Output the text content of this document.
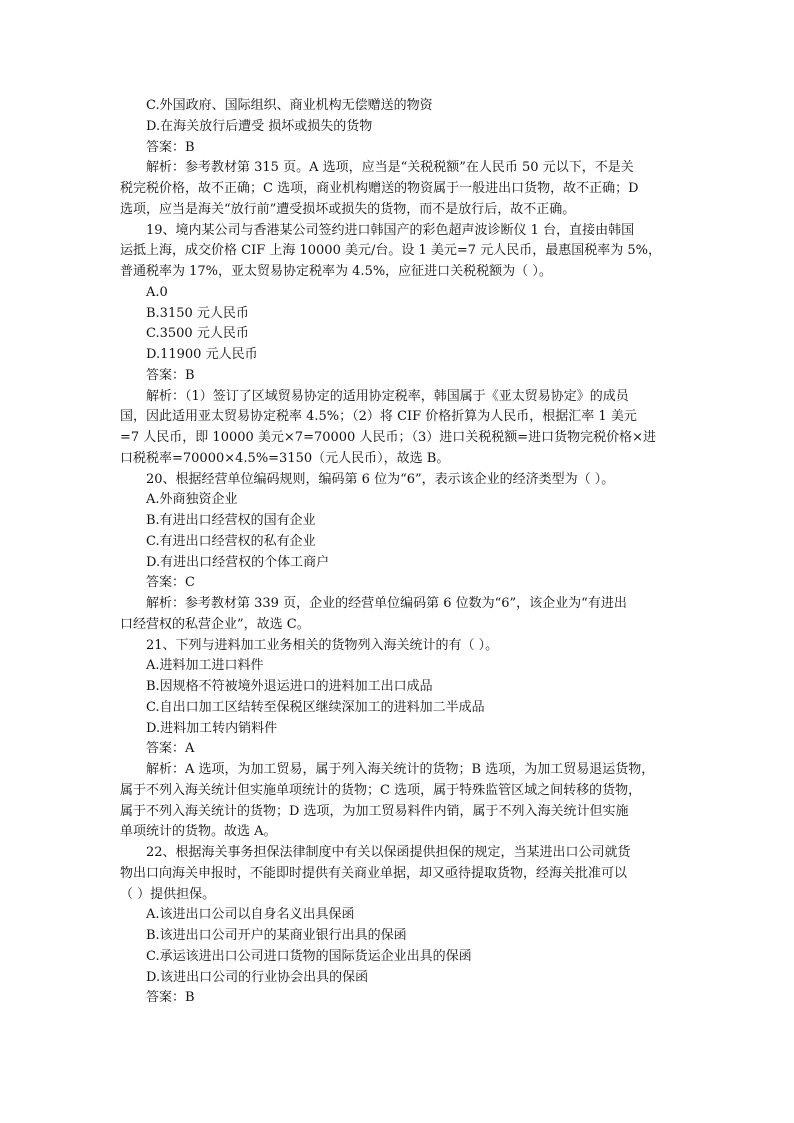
C.外国政府、国际组织、商业机构无偿赠送的物资
D.在海关放行后遭受 损坏或损失的货物
答案：B
解析：参考教材第 315 页。A 选项，应当是“关税税额”在人民币 50 元以下，不是关
税完税价格，故不正确；C 选项，商业机构赠送的物资属于一般进出口货物，故不正确；D
选项，应当是海关“放行前”遭受损坏或损失的货物，而不是放行后，故不正确。
19、境内某公司与香港某公司签约进口韩国产的彩色超声波诊断仪 1 台，直接由韩国
运抵上海，成交价格 CIF 上海 10000 美元/台。设 1 美元=7 元人民币，最惠国税率为 5%，
普通税率为 17%，亚太贸易协定税率为 4.5%，应征进口关税税额为（ ）。
A.0
B.3150 元人民币
C.3500 元人民币
D.11900 元人民币
答案：B
解析：（1）签订了区域贸易协定的适用协定税率，韩国属于《亚太贸易协定》的成员
国，因此适用亚太贸易协定税率 4.5%；（2）将 CIF 价格折算为人民币，根据汇率 1 美元
=7 人民币，即 10000 美元×7=70000 人民币；（3）进口关税税额=进口货物完税价格×进
口税税率=70000×4.5%=3150（元人民币），故选 B。
20、根据经营单位编码规则，编码第 6 位为“6”，表示该企业的经济类型为（ ）。
A.外商独资企业
B.有进出口经营权的国有企业
C.有进出口经营权的私有企业
D.有进出口经营权的个体工商户
答案：C
解析：参考教材第 339 页，企业的经营单位编码第 6 位数为“6”，该企业为“有进出
口经营权的私营企业”，故选 C。
21、下列与进料加工业务相关的货物列入海关统计的有（ ）。
A.进料加工进口料件
B.因规格不符被境外退运进口的进料加工出口成品
C.自出口加工区结转至保税区继续深加工的进料加二半成品
D.进料加工转内销料件
答案：A
解析：A 选项，为加工贸易，属于列入海关统计的货物；B 选项，为加工贸易退运货物，
属于不列入海关统计但实施单项统计的货物；C 选项，属于特殊监管区域之间转移的货物，
属于不列入海关统计的货物；D 选项，为加工贸易料件内销，属于不列入海关统计但实施
单项统计的货物。故选 A。
22、根据海关事务担保法律制度中有关以保函提供担保的规定，当某进出口公司就货
物出口向海关申报时，不能即时提供有关商业单据，却又亟待提取货物，经海关批准可以
（ ）提供担保。
A.该进出口公司以自身名义出具保函
B.该进出口公司开户的某商业银行出具的保函
C.承运该进出口公司进口货物的国际货运企业出具的保函
D.该进出口公司的行业协会出具的保函
答案：B
